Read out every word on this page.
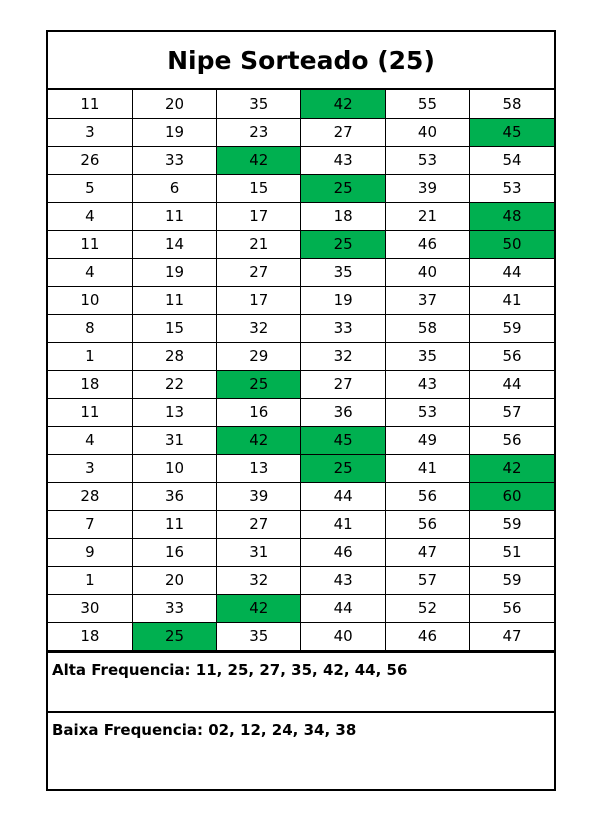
Nipe Sorteado (25)
11	20	35	42	55	58
3	19	23	27	40	45
26	33	42	43	53	54
5	6	15	25	39	53
4	11	17	18	21	48
11	14	21	25	46	50
4	19	27	35	40	44
10	11	17	19	37	41
8	15	32	33	58	59
1	28	29	32	35	56
18	22	25	27	43	44
11	13	16	36	53	57
4	31	42	45	49	56
3	10	13	25	41	42
28	36	39	44	56	60
7	11	27	41	56	59
9	16	31	46	47	51
1	20	32	43	57	59
30	33	42	44	52	56
18	25	35	40	46	47
Alta Frequencia: 11, 25, 27, 35, 42, 44, 56
Baixa Frequencia: 02, 12, 24, 34, 38
